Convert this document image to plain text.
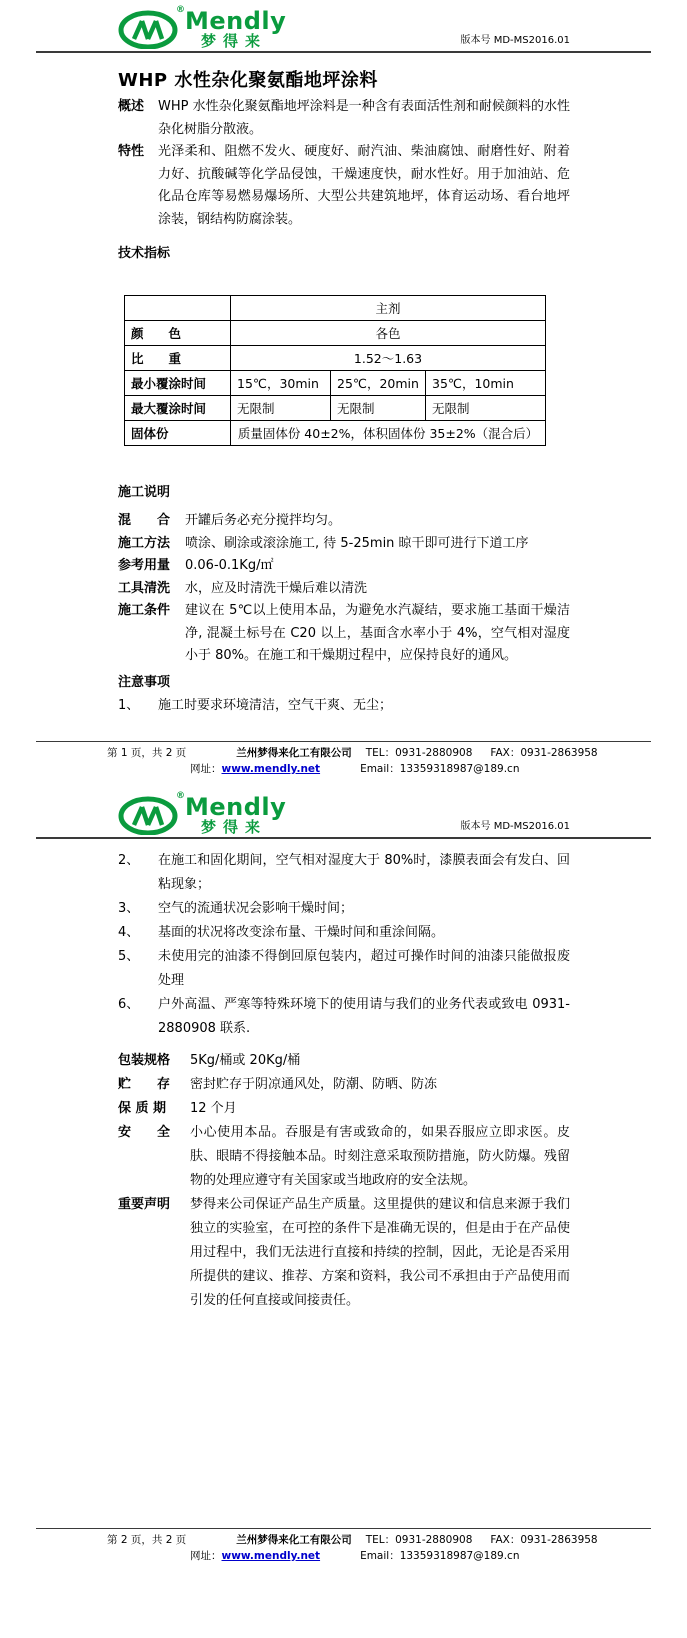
® Mendly
梦得来	版本号 MD-MS2016.01
WHP 水性杂化聚氨酯地坪涂料
概述	WHP 水性杂化聚氨酯地坪涂料是一种含有表面活性剂和耐候颜料的水性杂化树脂分散液。
特性	光泽柔和、阻燃不发火、硬度好、耐汽油、柴油腐蚀、耐磨性好、附着力好、抗酸碱等化学品侵蚀，干燥速度快，耐水性好。用于加油站、危化品仓库等易燃易爆场所、大型公共建筑地坪，体育运动场、看台地坪涂装，钢结构防腐涂装。
技术指标
	主剂		
颜　　色	各色		
比　　重	1.52～1.63		
最小覆涂时间	15℃，30min	25℃，20min	35℃，10min
最大覆涂时间	无限制	无限制	无限制
固体份	质量固体份 40±2%，体积固体份 35±2%（混合后）		
施工说明
混　　合	开罐后务必充分搅拌均匀。
施工方法	喷涂、刷涂或滚涂施工, 待 5-25min 晾干即可进行下道工序
参考用量	0.06-0.1Kg/㎡
工具清洗	水，应及时清洗干燥后难以清洗
施工条件	建议在 5℃以上使用本品，为避免水汽凝结，要求施工基面干燥洁净, 混凝土标号在 C20 以上，基面含水率小于 4%，空气相对湿度小于 80%。在施工和干燥期过程中，应保持良好的通风。
注意事项
1、	施工时要求环境清洁，空气干爽、无尘；
第 1 页，共 2 页	兰州梦得来化工有限公司 TEL：0931-2880908 FAX：0931-2863958
网址：www.mendly.net	Email：13359318987@189.cn
® Mendly
梦得来	版本号 MD-MS2016.01
2、	在施工和固化期间，空气相对湿度大于 80%时，漆膜表面会有发白、回粘现象；
3、	空气的流通状况会影响干燥时间；
4、	基面的状况将改变涂布量、干燥时间和重涂间隔。
5、	未使用完的油漆不得倒回原包装内，超过可操作时间的油漆只能做报废处理
6、	户外高温、严寒等特殊环境下的使用请与我们的业务代表或致电 0931-2880908 联系.
包装规格	5Kg/桶或 20Kg/桶
贮　　存	密封贮存于阴凉通风处，防潮、防晒、防冻
保 质 期	12 个月
安　　全	小心使用本品。吞服是有害或致命的，如果吞服应立即求医。皮肤、眼睛不得接触本品。时刻注意采取预防措施，防火防爆。残留物的处理应遵守有关国家或当地政府的安全法规。
重要声明	梦得来公司保证产品生产质量。这里提供的建议和信息来源于我们独立的实验室，在可控的条件下是准确无误的，但是由于在产品使用过程中，我们无法进行直接和持续的控制，因此，无论是否采用所提供的建议、推荐、方案和资料，我公司不承担由于产品使用而引发的任何直接或间接责任。
第 2 页，共 2 页	兰州梦得来化工有限公司 TEL：0931-2880908 FAX：0931-2863958
网址：www.mendly.net	Email：13359318987@189.cn
